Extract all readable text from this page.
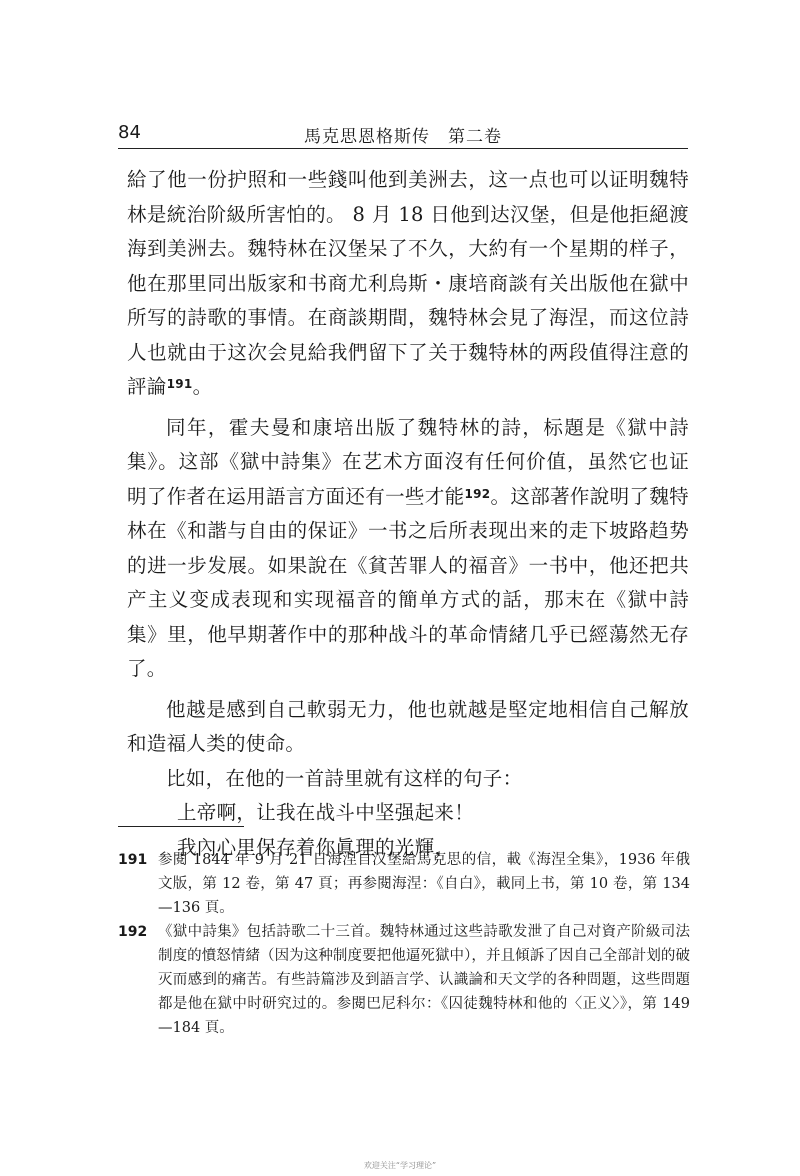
84	馬克思恩格斯传　第二卷

給了他一份护照和一些錢叫他到美洲去，这一点也可以证明魏特林是統治阶級所害怕的。 8 月 18 日他到达汉堡，但是他拒絕渡海到美洲去。魏特林在汉堡呆了不久，大約有一个星期的样子，他在那里同出版家和书商尤利烏斯・康培商談有关出版他在獄中所写的詩歌的事情。在商談期間，魏特林会見了海涅，而这位詩人也就由于这次会見給我們留下了关于魏特林的两段值得注意的評論$^{191}$。

同年，霍夫曼和康培出版了魏特林的詩，标題是《獄中詩集》。这部《獄中詩集》在艺术方面沒有任何价值，虽然它也证明了作者在运用語言方面还有一些才能$^{192}$。这部著作說明了魏特林在《和諧与自由的保证》一书之后所表现出来的走下坡路趋势的进一步发展。如果說在《貧苦罪人的福音》一书中，他还把共产主义变成表现和实现福音的簡单方式的話，那末在《獄中詩集》里，他早期著作中的那种战斗的革命情緒几乎已經蕩然无存了。

他越是感到自己軟弱无力，他也就越是堅定地相信自己解放和造福人类的使命。

比如，在他的一首詩里就有这样的句子：

上帝啊，让我在战斗中坚强起来！

我內心里保存着你眞理的光輝，

191 参閱 1844 年 9 月 21 日海涅自汉堡給馬克思的信，載《海涅全集》，1936 年俄文版，第 12 卷，第 47 頁；再参閱海涅：《自白》，載同上书，第 10 卷，第 134—136 頁。
192 《獄中詩集》包括詩歌二十三首。魏特林通过这些詩歌发泄了自己对資产阶級司法制度的憤怒情緒（因为这种制度要把他逼死獄中），并且傾訴了因自己全部計划的破灭而感到的痛苦。有些詩篇涉及到語言学、认識論和天文学的各种問題，这些問題都是他在獄中时研究过的。参閱巴尼科尔：《囚徒魏特林和他的〈正义〉》，第 149—184 頁。
欢迎关注“学习理论”
